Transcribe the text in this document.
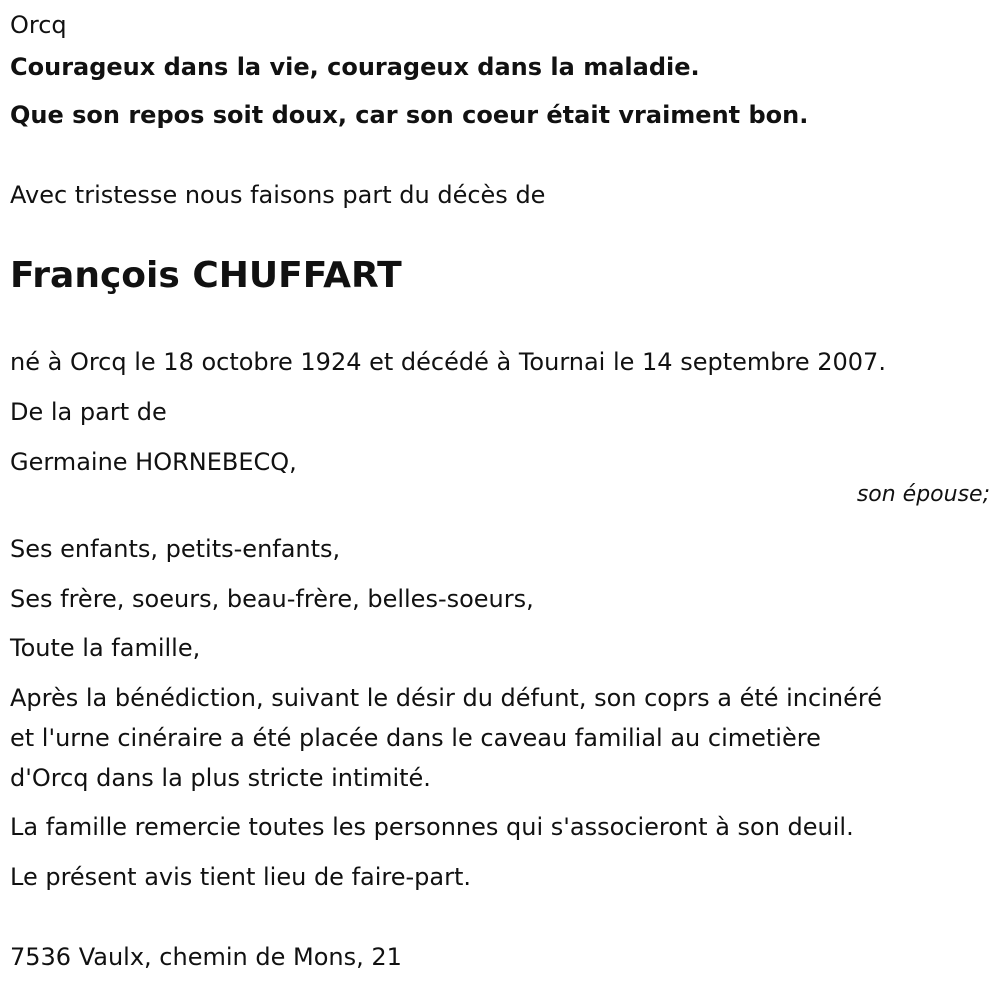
Orcq
Courageux dans la vie, courageux dans la maladie.
Que son repos soit doux, car son coeur était vraiment bon.
Avec tristesse nous faisons part du décès de
François CHUFFART
né à Orcq le 18 octobre 1924 et décédé à Tournai le 14 septembre 2007.
De la part de
Germaine HORNEBECQ,
son épouse;
Ses enfants, petits-enfants,
Ses frère, soeurs, beau-frère, belles-soeurs,
Toute la famille,
Après la bénédiction, suivant le désir du défunt, son coprs a été incinéré
et l'urne cinéraire a été placée dans le caveau familial au cimetière
d'Orcq dans la plus stricte intimité.
La famille remercie toutes les personnes qui s'associeront à son deuil.
Le présent avis tient lieu de faire-part.
7536 Vaulx, chemin de Mons, 21
